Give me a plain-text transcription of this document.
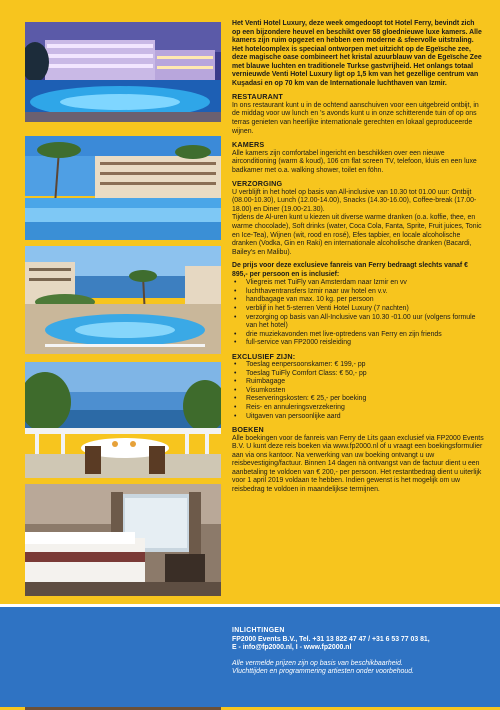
Het Venti Hotel Luxury, deze week omgedoopt tot Hotel Ferry, bevindt zich op een bijzondere heuvel en beschikt over 58 gloednieuwe luxe kamers. Alle kamers zijn ruim opgezet en hebben een moderne & sfeervolle uitstraling. Het hotelcomplex is speciaal ontworpen met uitzicht op de Egeïsche zee, deze magische oase combineert het kristal azuurblauw van de Egeïsche Zee met blauwe luchten en traditionele Turkse gastvrijheid. Het onlangs totaal vernieuwde Venti Hotel Luxury ligt op 1,5 km van het gezellige centrum van Kuşadasi en op 70 km van de Internationale luchthaven van Izmir.

RESTAURANT

In ons restaurant kunt u in de ochtend aanschuiven voor een uitgebreid ontbijt, in de middag voor uw lunch en 's avonds kunt u in onze schitterende tuin of op ons terras genieten van heerlijke internationale gerechten en lokaal geproduceerde wijnen.

KAMERS

Alle kamers zijn comfortabel ingericht en beschikken over een nieuwe airconditioning (warm & koud), 106 cm flat screen TV, telefoon, kluis en een luxe badkamer met o.a. walking shower, toilet en föhn.

VERZORGING

U verblijft in het hotel op basis van All-inclusive van 10.30 tot 01.00 uur: Ontbijt (08.00-10.30), Lunch (12.00-14.00), Snacks (14.30-16.00), Coffee-break (17.00-18.00) en Diner (19.00-21.30).

Tijdens de Al-uren kunt u kiezen uit diverse warme dranken (o.a. koffie, thee, en warme chocolade), Soft drinks (water, Coca Cola, Fanta, Sprite, Fruit juices, Tonic en Ice-Tea), Wijnen (wit, rood en rosé), Efes tapbier, en locale alcoholische dranken (Vodka, Gin en Raki) en internationale alcoholische dranken (Bacardi, Bailey's en Malibu).

De prijs voor deze exclusieve fanreis van Ferry bedraagt slechts vanaf € 895,- per persoon en is inclusief:

• Vliegreis met TuiFly van Amsterdam naar Izmir en vv
• luchthaventransfers Izmir naar uw hotel en v.v.
• handbagage van max. 10 kg. per persoon
• verblijf in het 5-sterren Venti Hotel Luxury (7 nachten)
• verzorging op basis van All-Inclusive van 10.30 -01.00 uur (volgens formule van het hotel)
• drie muziekavonden met live-optredens van Ferry en zijn friends
• full-service van FP2000 reisleiding

EXCLUSIEF ZIJN:

• Toeslag eenpersoonskamer: € 199,- pp
• Toeslag TuiFly Comfort Class: € 50,- pp
• Ruimbagage
• Visumkosten
• Reserveringskosten: € 25,- per boeking
• Reis- en annuleringsverzekering
• Uitgaven van persoonlijke aard

BOEKEN

Alle boekingen voor de fanreis van Ferry de Lits gaan exclusief via FP2000 Events B.V. U kunt deze reis boeken via www.fp2000.nl of u vraagt een boekingsformulier aan via ons kantoor. Na verwerking van uw boeking ontvangt u uw reisbevestiging/factuur. Binnen 14 dagen nà ontvangst van de factuur dient u een aanbetaling te voldoen van € 200,- per persoon. Het restantbedrag dient u uiterlijk voor 1 april 2019 voldaan te hebben. Indien gewenst is het mogelijk om uw reisbedrag te voldoen in maandelijkse termijnen.

INLICHTINGEN
FP2000 Events B.V., Tel. +31 13 822 47 47 / +31 6 53 77 03 81,
E - info@fp2000.nl, I - www.fp2000.nl
Alle vermelde prijzen zijn op basis van beschikbaarheid.
Vluchttijden en programmering artiesten onder voorbehoud.
